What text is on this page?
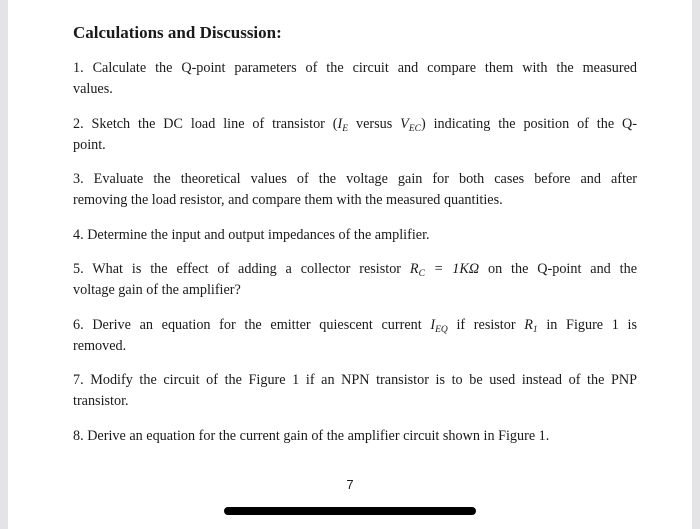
Calculations and Discussion:

1. Calculate the Q-point parameters of the circuit and compare them with the measured
values.

2. Sketch the DC load line of transistor ($I_E$ versus $V_{EC}$) indicating the position of the Q-
point.

3. Evaluate the theoretical values of the voltage gain for both cases before and after
removing the load resistor, and compare them with the measured quantities.

4. Determine the input and output impedances of the amplifier.

5. What is the effect of adding a collector resistor $R_C = 1K\Omega$ on the Q-point and the
voltage gain of the amplifier?

6. Derive an equation for the emitter quiescent current $I_{EQ}$ if resistor $R_1$ in Figure 1 is
removed.

7. Modify the circuit of the Figure 1 if an NPN transistor is to be used instead of the PNP
transistor.

8. Derive an equation for the current gain of the amplifier circuit shown in Figure 1.

7
